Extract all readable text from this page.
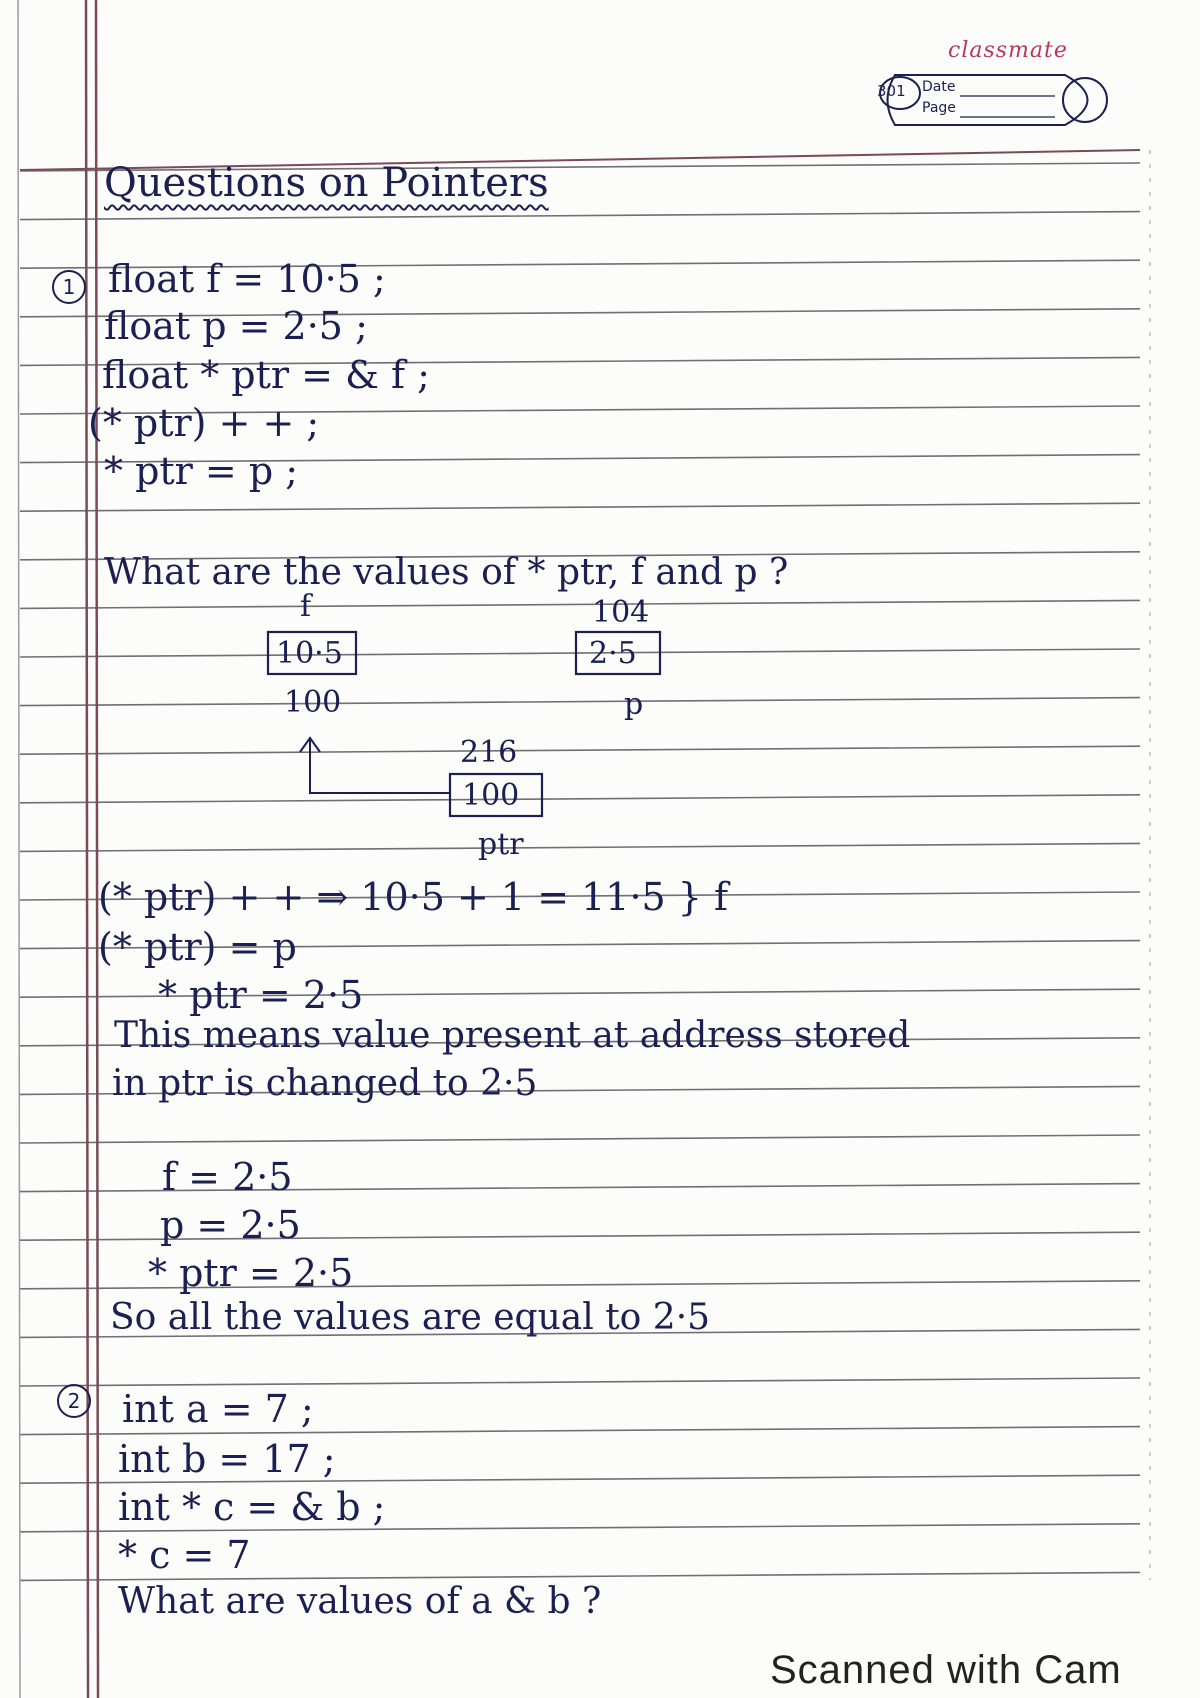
classmate
301 Date
Page
Questions on Pointers
1 float f = 10·5 ;
float p = 2·5 ;
float * ptr = & f ;
(* ptr) + + ;
* ptr = p ;
What are the values of * ptr, f and p ?
f
10·5
100
104
2·5
p
216
100
ptr
(* ptr) + + ⇒ 10·5 + 1 = 11·5 } f
(* ptr) = p
* ptr = 2·5
This means value present at address stored
in ptr is changed to 2·5
f = 2·5
p = 2·5
* ptr = 2·5
So all the values are equal to 2·5
2 int a = 7 ;
int b = 17 ;
int * c = & b ;
* c = 7
What are values of a & b ?
Scanned with Cam
